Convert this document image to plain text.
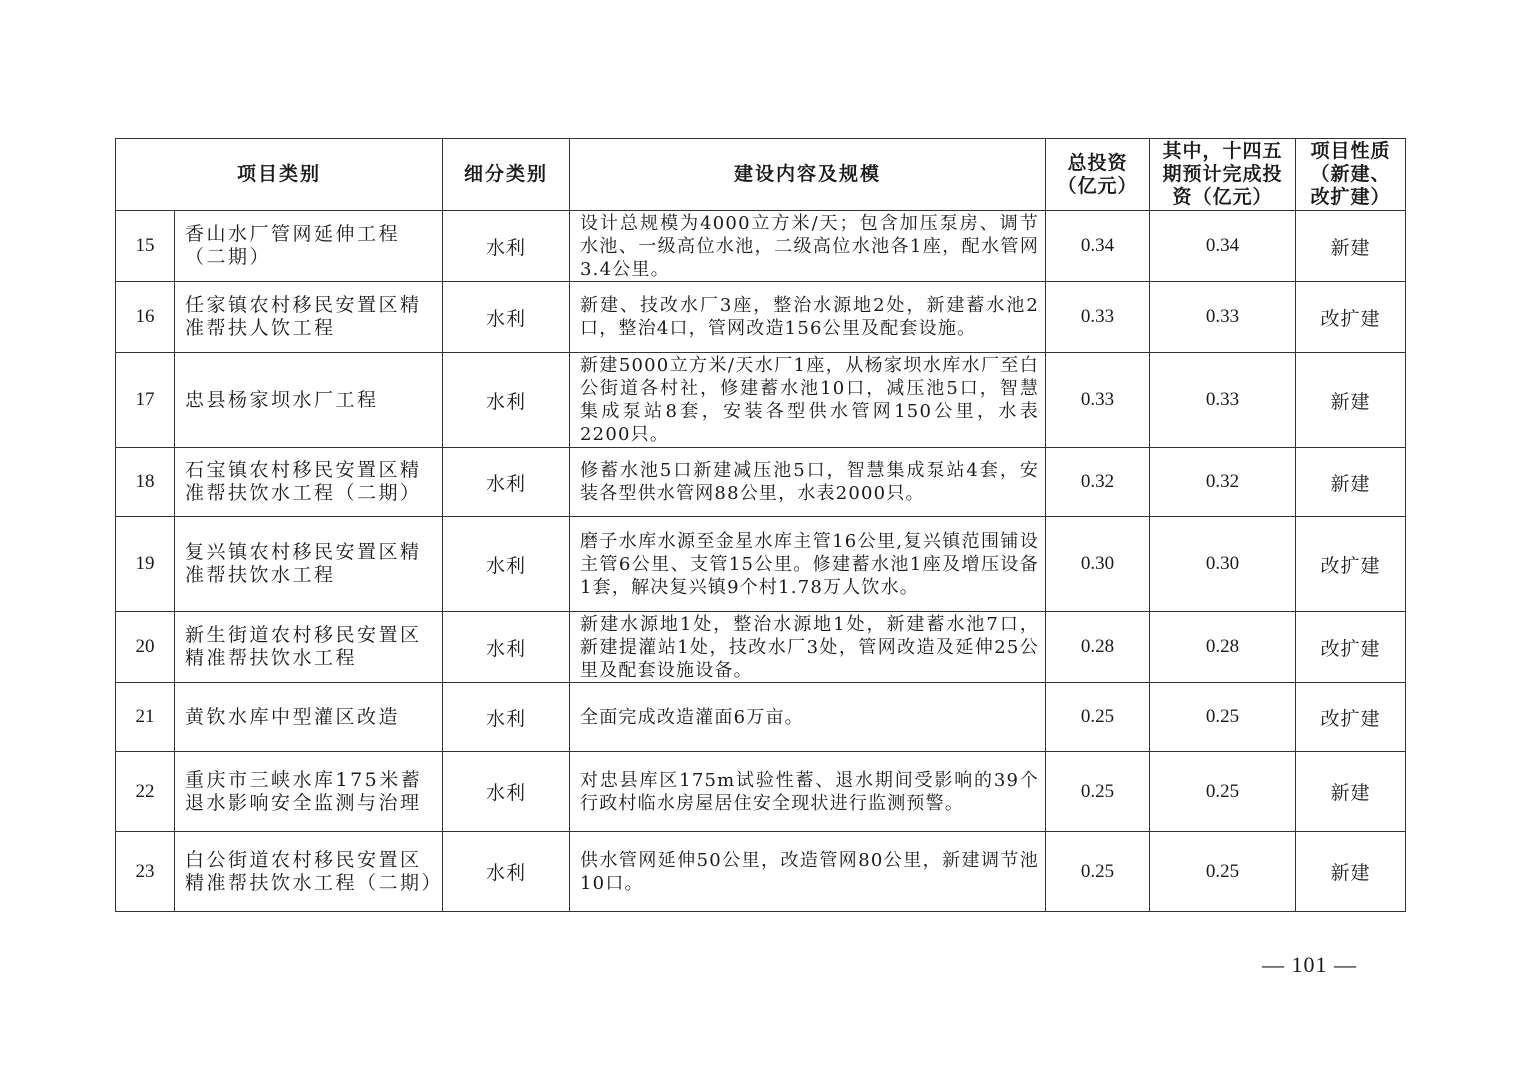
项目类别		细分类别	建设内容及规模	总投资（亿元）	其中，十四五期预计完成投资（亿元）	项目性质（新建、改扩建）
15	香山水厂管网延伸工程（二期）	水利	设计总规模为4000立方米/天；包含加压泵房、调节水池、一级高位水池，二级高位水池各1座，配水管网3.4公里。	0.34	0.34	新建
16	任家镇农村移民安置区精准帮扶人饮工程	水利	新建、技改水厂3座，整治水源地2处，新建蓄水池2口，整治4口，管网改造156公里及配套设施。	0.33	0.33	改扩建
17	忠县杨家坝水厂工程	水利	新建5000立方米/天水厂1座，从杨家坝水库水厂至白公街道各村社，修建蓄水池10口，减压池5口，智慧集成泵站8套，安装各型供水管网150公里，水表2200只。	0.33	0.33	新建
18	石宝镇农村移民安置区精准帮扶饮水工程（二期）	水利	修蓄水池5口新建减压池5口，智慧集成泵站4套，安装各型供水管网88公里，水表2000只。	0.32	0.32	新建
19	复兴镇农村移民安置区精准帮扶饮水工程	水利	磨子水库水源至金星水库主管16公里,复兴镇范围铺设主管6公里、支管15公里。修建蓄水池1座及增压设备1套，解决复兴镇9个村1.78万人饮水。	0.30	0.30	改扩建
20	新生街道农村移民安置区精准帮扶饮水工程	水利	新建水源地1处，整治水源地1处，新建蓄水池7口，新建提灌站1处，技改水厂3处，管网改造及延伸25公里及配套设施设备。	0.28	0.28	改扩建
21	黄钦水库中型灌区改造	水利	全面完成改造灌面6万亩。	0.25	0.25	改扩建
22	重庆市三峡水库175米蓄退水影响安全监测与治理	水利	对忠县库区175m试验性蓄、退水期间受影响的39个行政村临水房屋居住安全现状进行监测预警。	0.25	0.25	新建
23	白公街道农村移民安置区精准帮扶饮水工程（二期）	水利	供水管网延伸50公里，改造管网80公里，新建调节池10口。	0.25	0.25	新建
— 101 —
